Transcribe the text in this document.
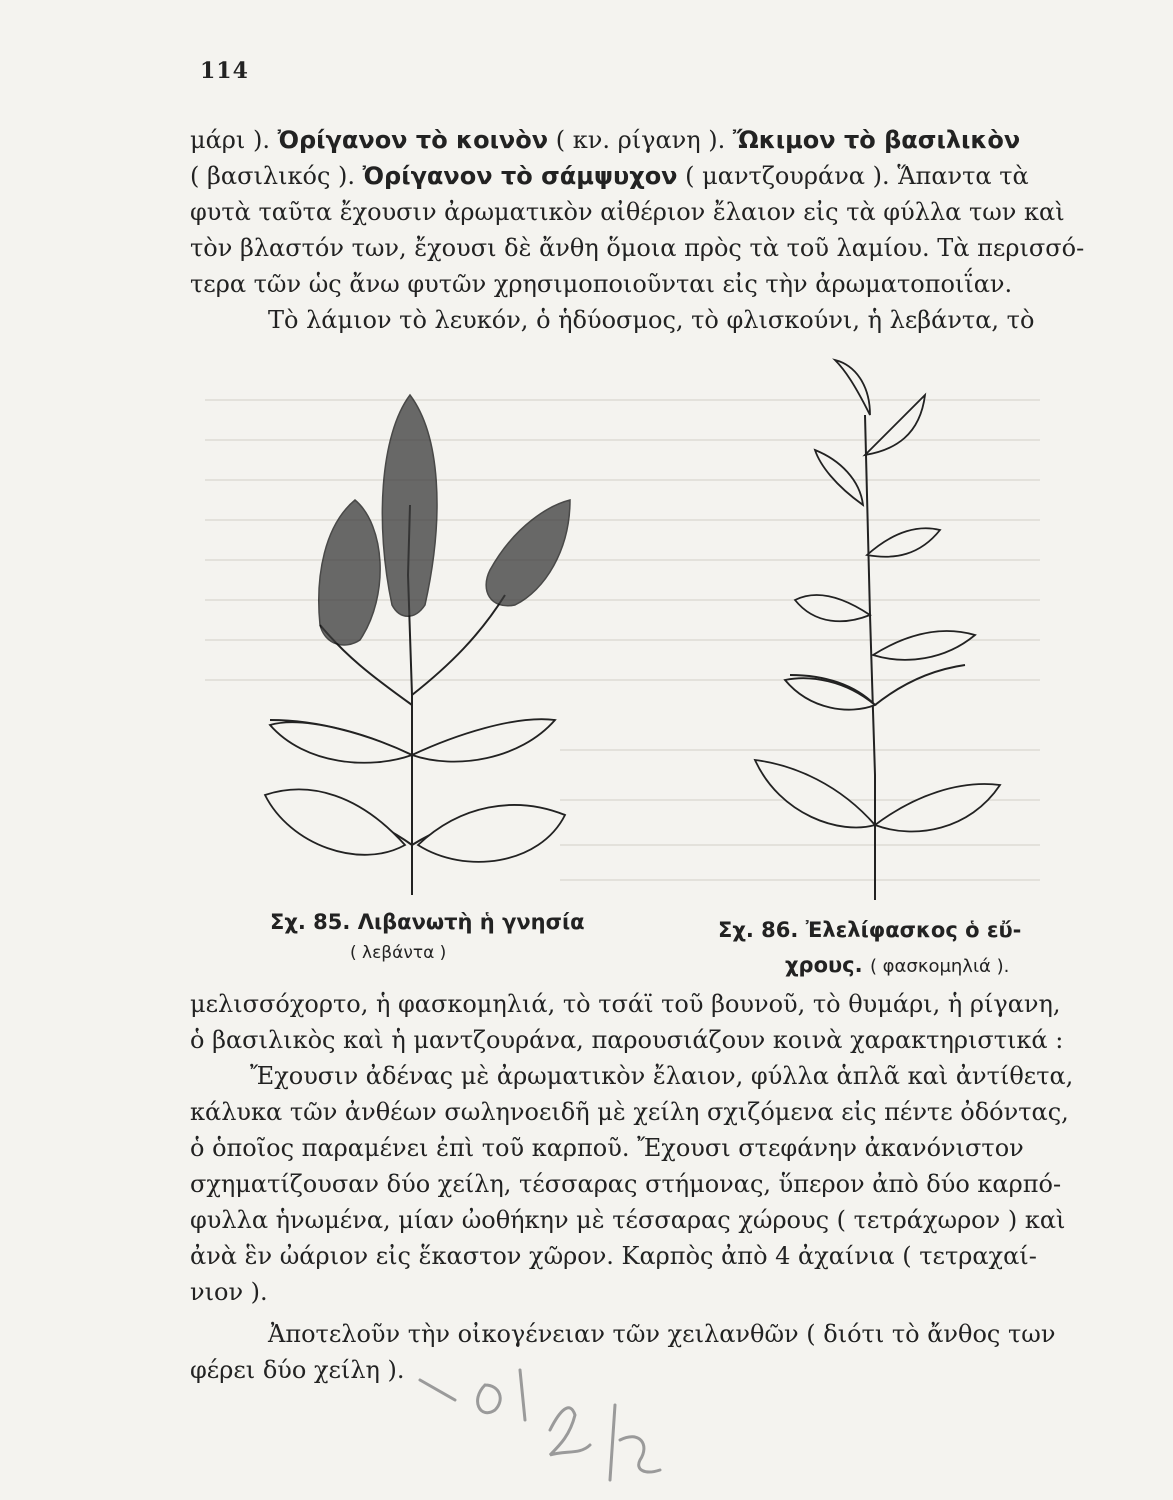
114
μάρι ). Ὀρίγανον τὸ κοινὸν ( κν. ρίγανη ). Ὤκιμον τὸ βασιλικὸν
( βασιλικός ). Ὀρίγανον τὸ σάμψυχον ( μαντζουράνα ). Ἅπαντα τὰ
φυτὰ ταῦτα ἔχουσιν ἀρωματικὸν αἰθέριον ἔλαιον εἰς τὰ φύλλα των καὶ
τὸν βλαστόν των, ἔχουσι δὲ ἄνθη ὅμοια πρὸς τὰ τοῦ λαμίου. Τὰ περισσό-
τερα τῶν ὡς ἄνω φυτῶν χρησιμοποιοῦνται εἰς τὴν ἀρωματοποιΐαν.
Τὸ λάμιον τὸ λευκόν, ὁ ἡδύοσμος, τὸ φλισκούνι, ἡ λεβάντα, τὸ
Σχ. 85. Λιβανωτὴ ἡ γνησία
( λεβάντα )
Σχ. 86. Ἐλελίφασκος ὁ εὔ-
χρους. ( φασκομηλιά ).
μελισσόχορτο, ἡ φασκομηλιά, τὸ τσάϊ τοῦ βουνοῦ, τὸ θυμάρι, ἡ ρίγανη,
ὁ βασιλικὸς καὶ ἡ μαντζουράνα, παρουσιάζουν κοινὰ χαρακτηριστικά :
Ἔχουσιν ἀδένας μὲ ἀρωματικὸν ἔλαιον, φύλλα ἁπλᾶ καὶ ἀντίθετα,
κάλυκα τῶν ἀνθέων σωληνοειδῆ μὲ χείλη σχιζόμενα εἰς πέντε ὀδόντας,
ὁ ὁποῖος παραμένει ἐπὶ τοῦ καρποῦ. Ἔχουσι στεφάνην ἀκανόνιστον
σχηματίζουσαν δύο χείλη, τέσσαρας στήμονας, ὕπερον ἀπὸ δύο καρπό-
φυλλα ἡνωμένα, μίαν ὠοθήκην μὲ τέσσαρας χώρους ( τετράχωρον ) καὶ
ἀνὰ ἓν ὠάριον εἰς ἕκαστον χῶρον. Καρπὸς ἀπὸ 4 ἀχαίνια ( τετραχαί-
νιον ).
Ἀποτελοῦν τὴν οἰκογένειαν τῶν χειλανθῶν ( διότι τὸ ἄνθος των
φέρει δύο χείλη ).
